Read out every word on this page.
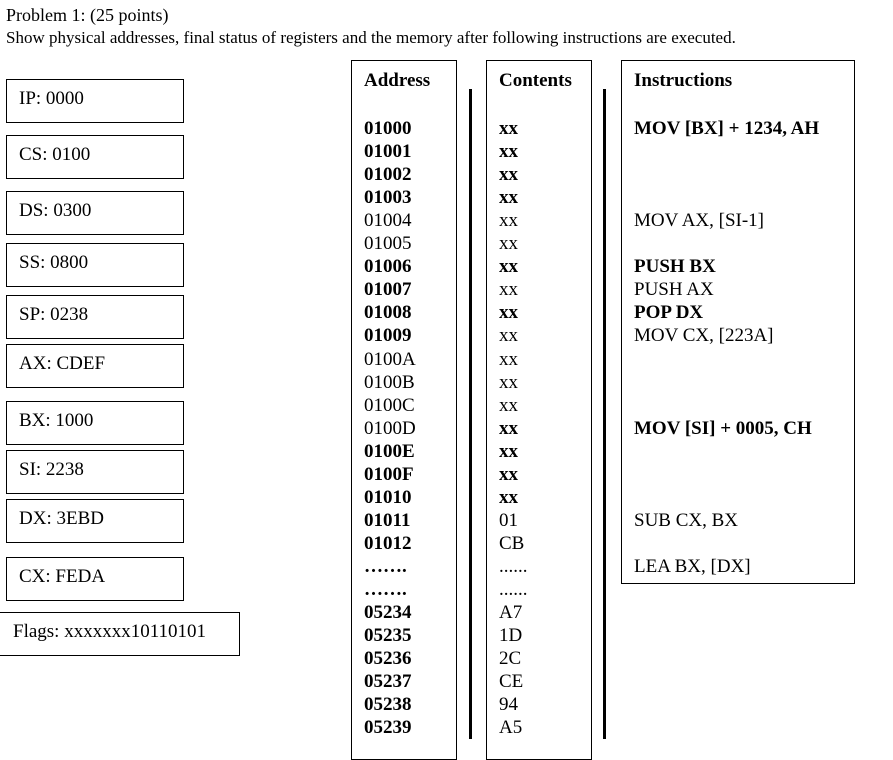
Problem 1: (25 points)
Show physical addresses, final status of registers and the memory after following instructions are executed.
IP: 0000
CS: 0100
DS: 0300
SS: 0800
SP: 0238
AX: CDEF
BX: 1000
SI: 2238
DX: 3EBD
CX: FEDA
Flags: xxxxxxx10110101
Address
01000
01001
01002
01003
01004
01005
01006
01007
01008
01009
0100A
0100B
0100C
0100D
0100E
0100F
01010
01011
01012
…….
…….
05234
05235
05236
05237
05238
05239
Contents
xx
xx
xx
xx
xx
xx
xx
xx
xx
xx
xx
xx
xx
xx
xx
xx
xx
01
CB
......
......
A7
1D
2C
CE
94
A5
Instructions
MOV [BX] + 1234, AH
MOV AX, [SI-1]
PUSH BX
PUSH AX
POP DX
MOV CX, [223A]
MOV [SI] + 0005, CH
SUB CX, BX
LEA BX, [DX]
